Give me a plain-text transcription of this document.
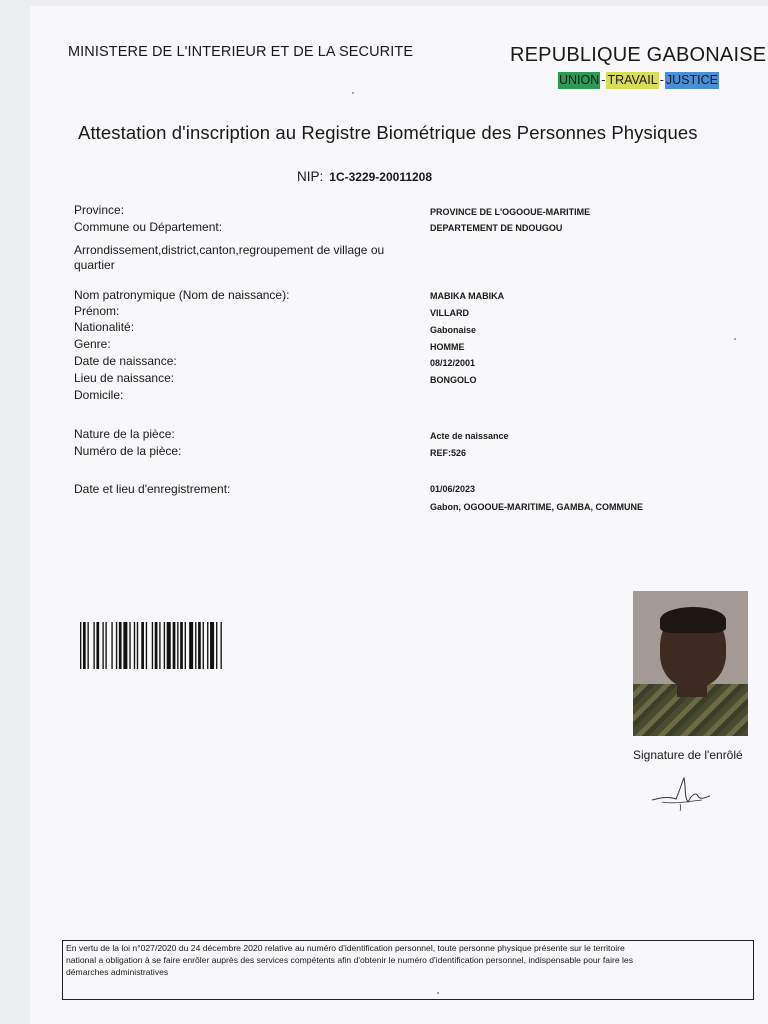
MINISTERE DE L'INTERIEUR ET DE LA SECURITE	REPUBLIQUE GABONAISE
UNION - TRAVAIL - JUSTICE
Attestation d'inscription au Registre Biométrique des Personnes Physiques
NIP: 1C-3229-20011208
Province:	PROVINCE DE L'OGOOUE-MARITIME
Commune ou Département:	DEPARTEMENT DE NDOUGOU
Arrondissement,district,canton,regroupement de village ou
quartier
Nom patronymique (Nom de naissance):	MABIKA MABIKA
Prénom:	VILLARD
Nationalité:	Gabonaise
Genre:	HOMME
Date de naissance:	08/12/2001
Lieu de naissance:	BONGOLO
Domicile:
Nature de la pièce:	Acte de naissance
Numéro de la pièce:	REF:526
Date et lieu d'enregistrement:	01/06/2023
Gabon, OGOOUE-MARITIME, GAMBA, COMMUNE
Signature de l'enrôlé
En vertu de la loi n°027/2020 du 24 décembre 2020 relative au numéro d'identification personnel, toute personne physique présente sur le territoire
national a obligation à se faire enrôler auprès des services compétents afin d'obtenir le numéro d'identification personnel, indispensable pour faire les
démarches administratives
